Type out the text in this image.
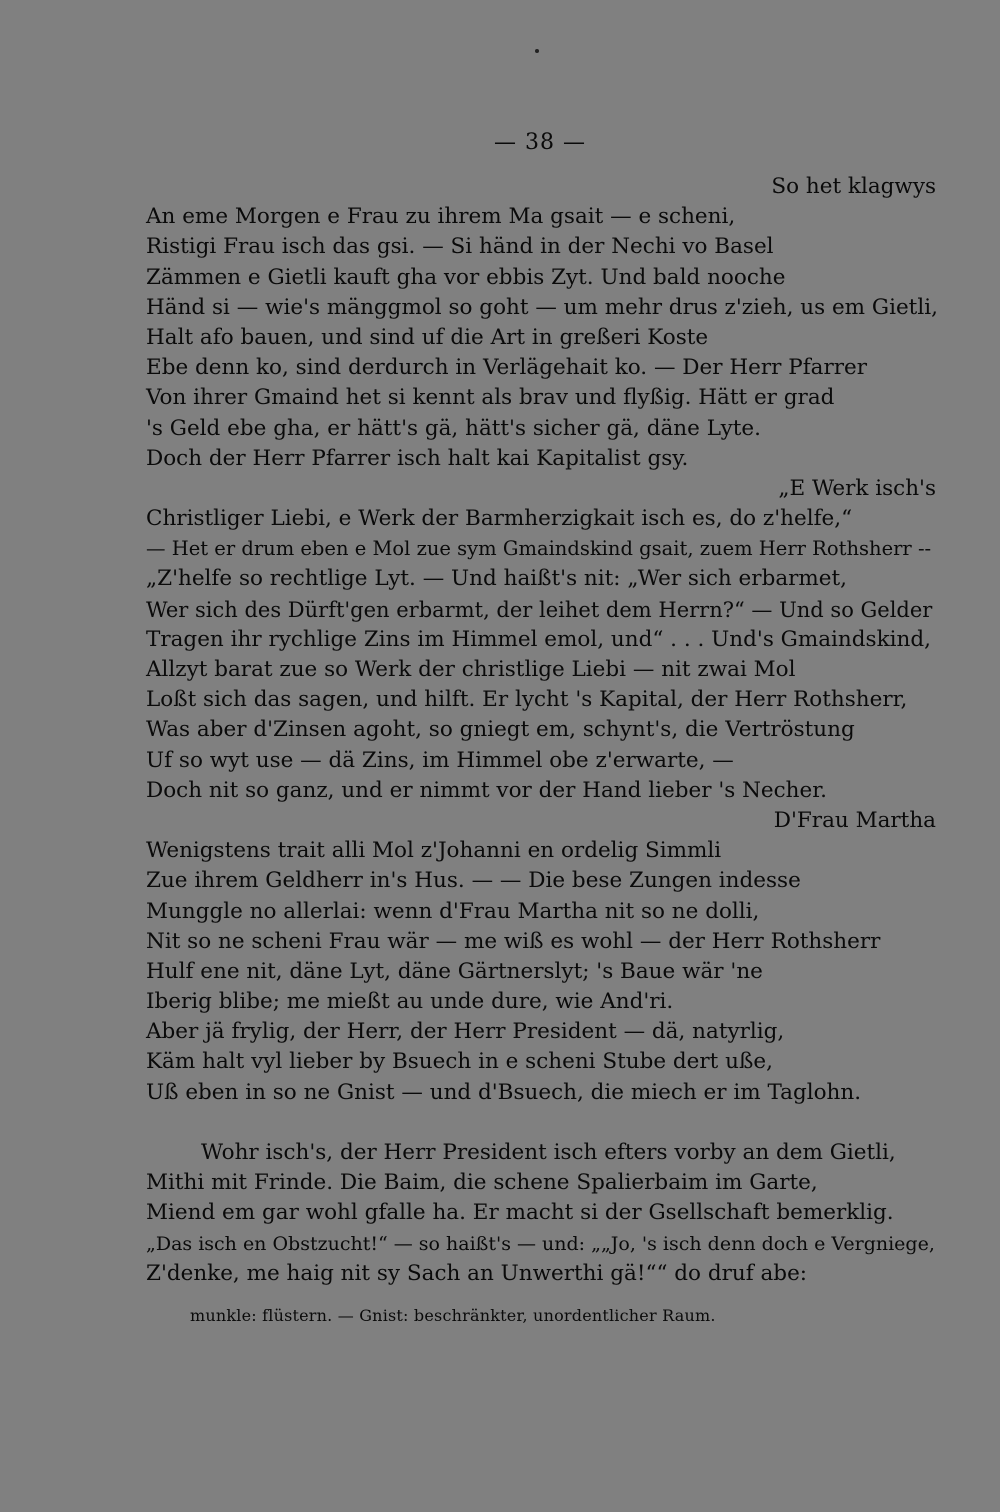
— 38 —
So het klagwys
An eme Morgen e Frau zu ihrem Ma gsait — e scheni,
Ristigi Frau isch das gsi. — Si händ in der Nechi vo Basel
Zämmen e Gietli kauft gha vor ebbis Zyt. Und bald nooche
Händ si — wie's mänggmol so goht — um mehr drus z'zieh, us em Gietli,
Halt afo bauen, und sind uf die Art in greßeri Koste
Ebe denn ko, sind derdurch in Verlägehait ko. — Der Herr Pfarrer
Von ihrer Gmaind het si kennt als brav und flyßig. Hätt er grad
's Geld ebe gha, er hätt's gä, hätt's sicher gä, däne Lyte.
Doch der Herr Pfarrer isch halt kai Kapitalist gsy.
„E Werk isch's
Christliger Liebi, e Werk der Barmherzigkait isch es, do z'helfe,“
— Het er drum eben e Mol zue sym Gmaindskind gsait, zuem Herr Rothsherr --
„Z'helfe so rechtlige Lyt. — Und haißt's nit: „Wer sich erbarmet,
Wer sich des Dürft'gen erbarmt, der leihet dem Herrn?“ — Und so Gelder
Tragen ihr rychlige Zins im Himmel emol, und“ . . . Und's Gmaindskind,
Allzyt barat zue so Werk der christlige Liebi — nit zwai Mol
Loßt sich das sagen, und hilft. Er lycht 's Kapital, der Herr Rothsherr,
Was aber d'Zinsen agoht, so gniegt em, schynt's, die Vertröstung
Uf so wyt use — dä Zins, im Himmel obe z'erwarte, —
Doch nit so ganz, und er nimmt vor der Hand lieber 's Necher.
D'Frau Martha
Wenigstens trait alli Mol z'Johanni en ordelig Simmli
Zue ihrem Geldherr in's Hus. — — Die bese Zungen indesse
Munggle no allerlai: wenn d'Frau Martha nit so ne dolli,
Nit so ne scheni Frau wär — me wiß es wohl — der Herr Rothsherr
Hulf ene nit, däne Lyt, däne Gärtnerslyt; 's Baue wär 'ne
Iberig blibe; me mießt au unde dure, wie And'ri.
Aber jä frylig, der Herr, der Herr President — dä, natyrlig,
Käm halt vyl lieber by Bsuech in e scheni Stube dert uße,
Uß eben in so ne Gnist — und d'Bsuech, die miech er im Taglohn.
Wohr isch's, der Herr President isch efters vorby an dem Gietli,
Mithi mit Frinde. Die Baim, die schene Spalierbaim im Garte,
Miend em gar wohl gfalle ha. Er macht si der Gsellschaft bemerklig.
„Das isch en Obstzucht!“ — so haißt's — und: „„Jo, 's isch denn doch e Vergniege,
Z'denke, me haig nit sy Sach an Unwerthi gä!““ do druf abe:
munkle: flüstern. — Gnist: beschränkter, unordentlicher Raum.
